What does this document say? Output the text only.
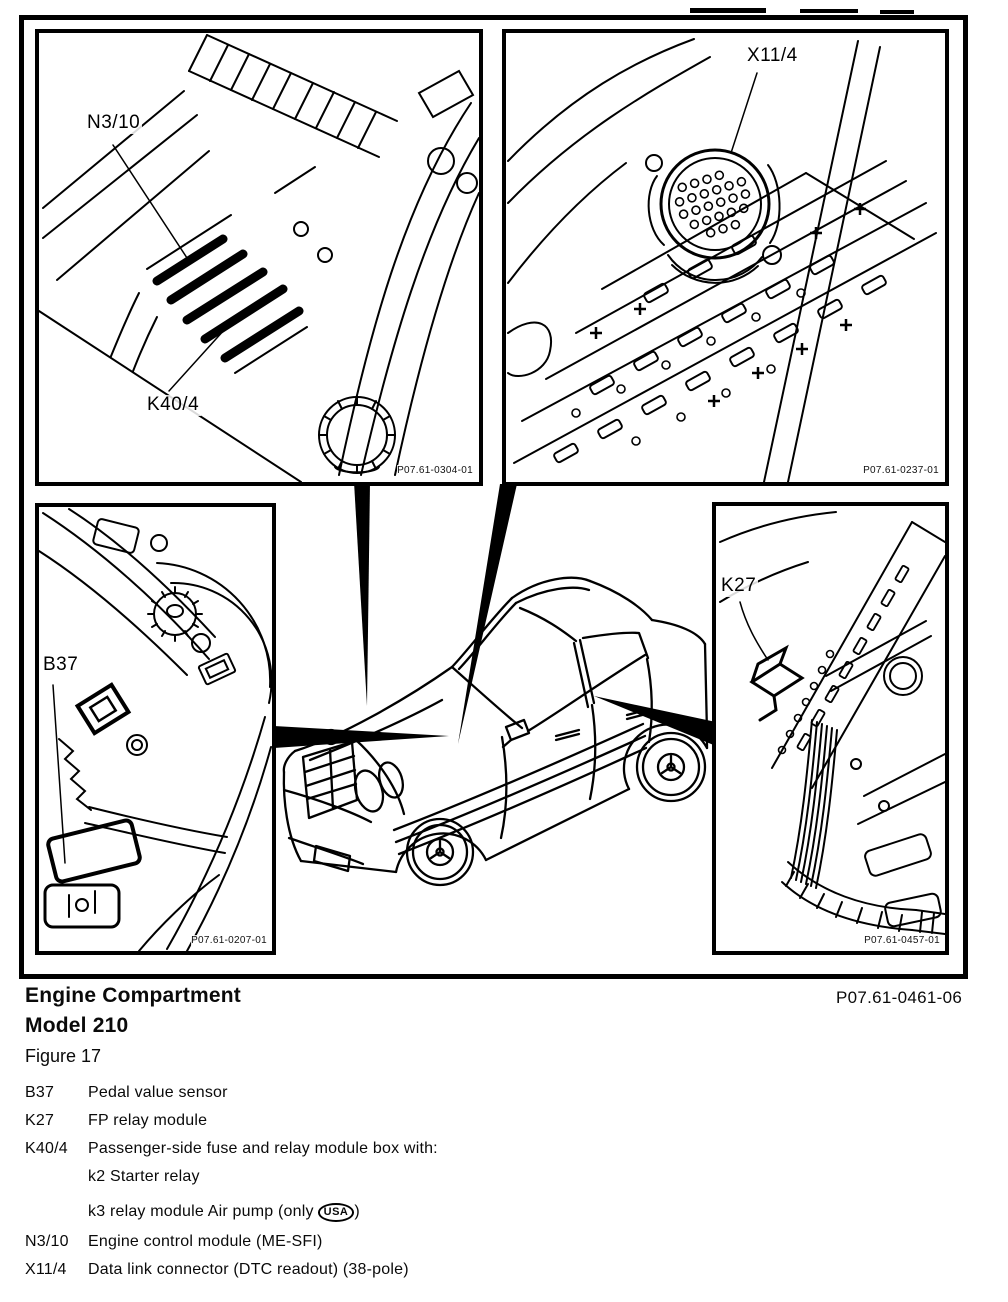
N3/10
K40/4
P07.61-0304-01
X11/4
P07.61-0237-01
B37
P07.61-0207-01
K27
P07.61-0457-01
Engine Compartment
Model 210
Figure 17
P07.61-0461-06
B37	Pedal value sensor
K27	FP relay module
K40/4	Passenger-side fuse and relay module box with:
k2 Starter relay
k3 relay module Air pump (only USA )
N3/10	Engine control module (ME-SFI)
X11/4	Data link connector (DTC readout) (38-pole)
